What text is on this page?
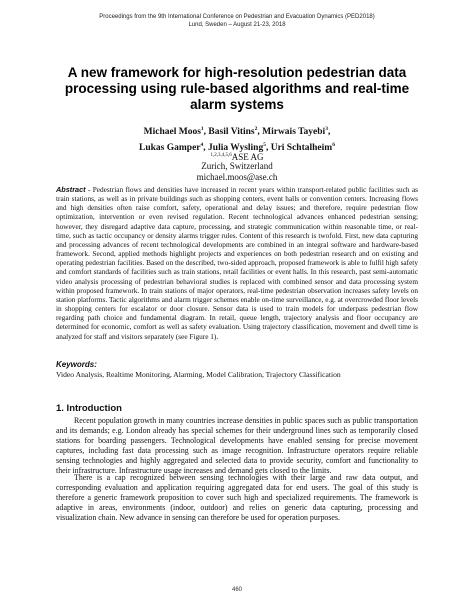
Proceedings from the 9th International Conference on Pedestrian and Evacuation Dynamics (PED2018)
Lund, Sweden – August 21-23, 2018
A new framework for high-resolution pedestrian data processing using rule-based algorithms and real-time alarm systems
Michael Moos$^1$, Basil Vitins$^2$, Mirwais Tayebi$^3$,
Lukas Gamper$^4$, Julia Wysling$^5$, Uri Schtalheim$^6$
$^{1,2,3,4,5,6}$ASE AG
Zurich, Switzerland
michael.moos@ase.ch
Abstract - Pedestrian flows and densities have increased in recent years within transport-related public facilities such as train stations, as well as in private buildings such as shopping centers, event halls or convention centers. Increasing flows and high densities often raise comfort, safety, operational and delay issues; and therefore, require pedestrian flow optimization, intervention or even revised regulation. Recent technological advances enhanced pedestrian sensing; however, they disregard adaptive data capture, processing, and strategic communication within reasonable time, or real-time, such as tactic occupancy or density alarms trigger rules. Content of this research is twofold. First, new data capturing and processing advances of recent technological developments are combined in an integral software and hardware-based framework. Second, applied methods highlight projects and experiences on both pedestrian research and on existing and operating pedestrian facilities. Based on the described, two-sided approach, proposed framework is able to fulfil high safety and comfort standards of facilities such as train stations, retail facilities or event halls. In this research, past semi-automatic video analysis processing of pedestrian behavioral studies is replaced with combined sensor and data processing system within proposed framework. In train stations of major operators, real-time pedestrian observation increases safety levels on station platforms. Tactic algorithms and alarm trigger schemes enable on-time surveillance, e.g. at overcrowded floor levels in shopping centers for escalator or door closure. Sensor data is used to train models for underpass pedestrian flow regarding path choice and fundamental diagram. In retail, queue length, trajectory analysis and floor occupancy are determined for economic, comfort as well as safety evaluation. Using trajectory classification, movement and dwell time is analyzed for staff and visitors separately (see Figure 1).
Keywords:
Video Analysis, Realtime Monitoring, Alarming, Model Calibration, Trajectory Classification
1. Introduction

Recent population growth in many countries increase densities in public spaces such as public transportation and its demands; e.g. London already has special schemes for their underground lines such as temporarily closed stations for boarding passengers. Technological developments have enabled sensing for precise movement captures, including fast data processing such as image recognition. Infrastructure operators require reliable sensing technologies and highly aggregated and selected data to provide security, comfort and functionality to their infrastructure. Infrastructure usage increases and demand gets closed to the limits.

There is a cap recognized between sensing technologies with their large and raw data output, and corresponding evaluation and application requiring aggregated data for end users. The goal of this study is therefore a generic framework proposition to cover such high and specialized requirements. The framework is adaptive in areas, environments (indoor, outdoor) and relies on generic data capturing, processing and visualization chain. New advance in sensing can therefore be used for operation purposes.

460
